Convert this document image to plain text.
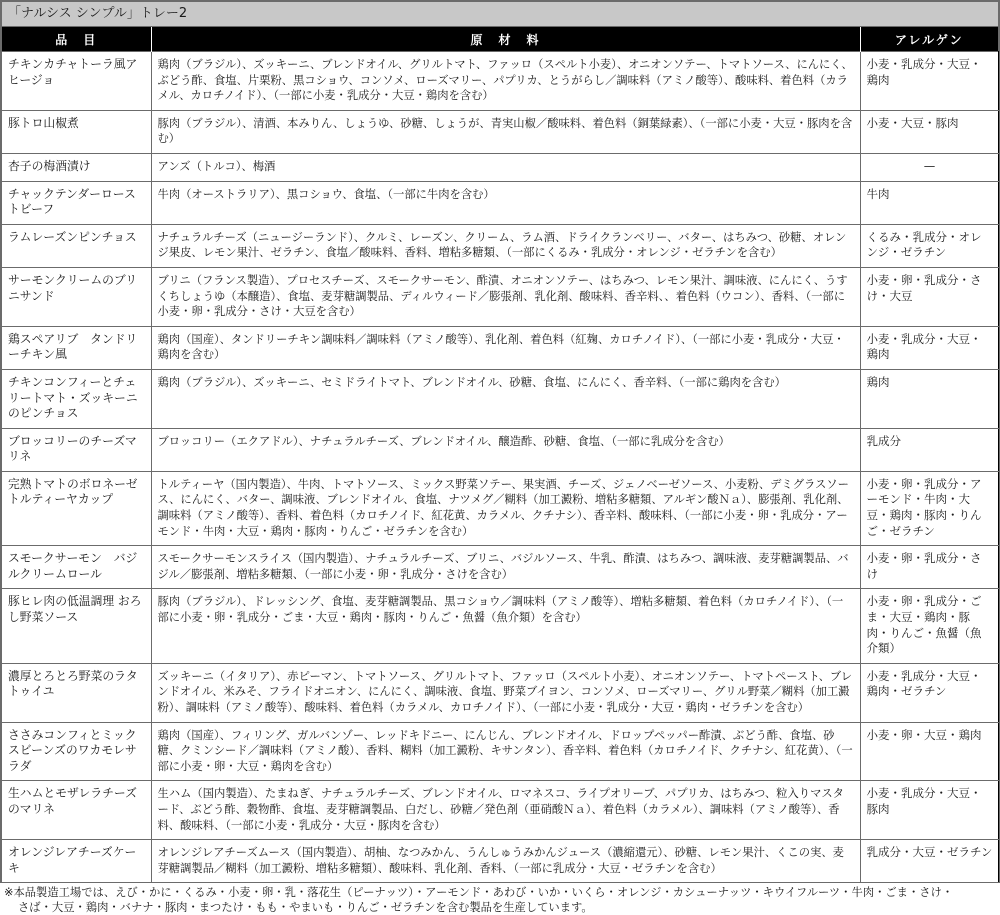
「ナルシス シンプル」トレー2
品　目	原　材　料	アレルゲン
チキンカチャトーラ風アヒージョ	鶏肉（ブラジル）、ズッキーニ、ブレンドオイル、グリルトマト、ファッロ（スペルト小麦）、オニオンソテー、トマトソース、にんにく、ぶどう酢、食塩、片栗粉、黒コショウ、コンソメ、ローズマリー、パプリカ、とうがらし／調味料（アミノ酸等）、酸味料、着色料（カラメル、カロチノイド）、（一部に小麦・乳成分・大豆・鶏肉を含む）	小麦・乳成分・大豆・鶏肉
豚トロ山椒煮	豚肉（ブラジル）、清酒、本みりん、しょうゆ、砂糖、しょうが、青実山椒／酸味料、着色料（銅葉緑素）、（一部に小麦・大豆・豚肉を含む）	小麦・大豆・豚肉
杏子の梅酒漬け	アンズ（トルコ）、梅酒	—
チャックテンダーローストビーフ	牛肉（オーストラリア）、黒コショウ、食塩、（一部に牛肉を含む）	牛肉
ラムレーズンピンチョス	ナチュラルチーズ（ニュージーランド）、クルミ、レーズン、クリーム、ラム酒、ドライクランベリー、バター、はちみつ、砂糖、オレンジ果皮、レモン果汁、ゼラチン、食塩／酸味料、香料、増粘多糖類、（一部にくるみ・乳成分・オレンジ・ゼラチンを含む）	くるみ・乳成分・オレンジ・ゼラチン
サーモンクリームのブリニサンド	ブリニ（フランス製造）、プロセスチーズ、スモークサーモン、酢漬、オニオンソテー、はちみつ、レモン果汁、調味液、にんにく、うすくちしょうゆ（本醸造）、食塩、麦芽糖調製品、ディルウィード／膨張剤、乳化剤、酸味料、香辛料、、着色料（ウコン）、香料、（一部に小麦・卵・乳成分・さけ・大豆を含む）	小麦・卵・乳成分・さけ・大豆
鶏スペアリブ　タンドリーチキン風	鶏肉（国産）、タンドリーチキン調味料／調味料（アミノ酸等）、乳化剤、着色料（紅麹、カロチノイド）、（一部に小麦・乳成分・大豆・鶏肉を含む）	小麦・乳成分・大豆・鶏肉
チキンコンフィーとチェリートマト・ズッキーニのピンチョス	鶏肉（ブラジル）、ズッキーニ、セミドライトマト、ブレンドオイル、砂糖、食塩、にんにく、香辛料、（一部に鶏肉を含む）	鶏肉
ブロッコリーのチーズマリネ	ブロッコリー（エクアドル）、ナチュラルチーズ、ブレンドオイル、醸造酢、砂糖、食塩、（一部に乳成分を含む）	乳成分
完熟トマトのボロネーゼ トルティーヤカップ	トルティーヤ（国内製造）、牛肉、トマトソース、ミックス野菜ソテー、果実酒、チーズ、ジェノベーゼソース、小麦粉、デミグラスソース、にんにく、バター、調味液、ブレンドオイル、食塩、ナツメグ／糊料（加工澱粉、増粘多糖類、アルギン酸Ｎａ）、膨張剤、乳化剤、調味料（アミノ酸等）、香料、着色料（カロチノイド、紅花黄、カラメル、クチナシ）、香辛料、酸味料、（一部に小麦・卵・乳成分・アーモンド・牛肉・大豆・鶏肉・豚肉・りんご・ゼラチンを含む）	小麦・卵・乳成分・アーモンド・牛肉・大豆・鶏肉・豚肉・りんご・ゼラチン
スモークサーモン　バジルクリームロール	スモークサーモンスライス（国内製造）、ナチュラルチーズ、ブリニ、バジルソース、牛乳、酢漬、はちみつ、調味液、麦芽糖調製品、バジル／膨張剤、増粘多糖類、（一部に小麦・卵・乳成分・さけを含む）	小麦・卵・乳成分・さけ
豚ヒレ肉の低温調理 おろし野菜ソース	豚肉（ブラジル）、ドレッシング、食塩、麦芽糖調製品、黒コショウ／調味料（アミノ酸等）、増粘多糖類、着色料（カロチノイド）、（一部に小麦・卵・乳成分・ごま・大豆・鶏肉・豚肉・りんご・魚醤（魚介類）を含む）	小麦・卵・乳成分・ごま・大豆・鶏肉・豚肉・りんご・魚醤（魚介類）
濃厚とろとろ野菜のラタトゥイユ	ズッキーニ（イタリア）、赤ピーマン、トマトソース、グリルトマト、ファッロ（スペルト小麦）、オニオンソテー、トマトペースト、ブレンドオイル、米みそ、フライドオニオン、にんにく、調味液、食塩、野菜ブイヨン、コンソメ、ローズマリー、グリル野菜／糊料（加工澱粉）、調味料（アミノ酸等）、酸味料、着色料（カラメル、カロチノイド）、（一部に小麦・乳成分・大豆・鶏肉・ゼラチンを含む）	小麦・乳成分・大豆・鶏肉・ゼラチン
ささみコンフィとミックスビーンズのワカモレサラダ	鶏肉（国産）、フィリング、ガルバンゾー、レッドキドニー、にんじん、ブレンドオイル、ドロップペッパー酢漬、ぶどう酢、食塩、砂糖、クミンシード／調味料（アミノ酸）、香料、糊料（加工澱粉、キサンタン）、香辛料、着色料（カロチノイド、クチナシ、紅花黄）、（一部に小麦・卵・大豆・鶏肉を含む）	小麦・卵・大豆・鶏肉
生ハムとモザレラチーズのマリネ	生ハム（国内製造）、たまねぎ、ナチュラルチーズ、ブレンドオイル、ロマネスコ、ライプオリーブ、パプリカ、はちみつ、粒入りマスタード、ぶどう酢、穀物酢、食塩、麦芽糖調製品、白だし、砂糖／発色剤（亜硝酸Ｎａ）、着色料（カラメル）、調味料（アミノ酸等）、香料、酸味料、（一部に小麦・乳成分・大豆・豚肉を含む）	小麦・乳成分・大豆・豚肉
オレンジレアチーズケーキ	オレンジレアチーズムース（国内製造）、胡柚、なつみかん、うんしゅうみかんジュース（濃縮還元）、砂糖、レモン果汁、くこの実、麦芽糖調製品／糊料（加工澱粉、増粘多糖類）、酸味料、乳化剤、香料、（一部に乳成分・大豆・ゼラチンを含む）	乳成分・大豆・ゼラチン
※本品製造工場では、えび・かに・くるみ・小麦・卵・乳・落花生（ピーナッツ）・アーモンド・あわび・いか・いくら・オレンジ・カシューナッツ・キウイフルーツ・牛肉・ごま・さけ・
さば・大豆・鶏肉・バナナ・豚肉・まつたけ・もも・やまいも・りんご・ゼラチンを含む製品を生産しています。
